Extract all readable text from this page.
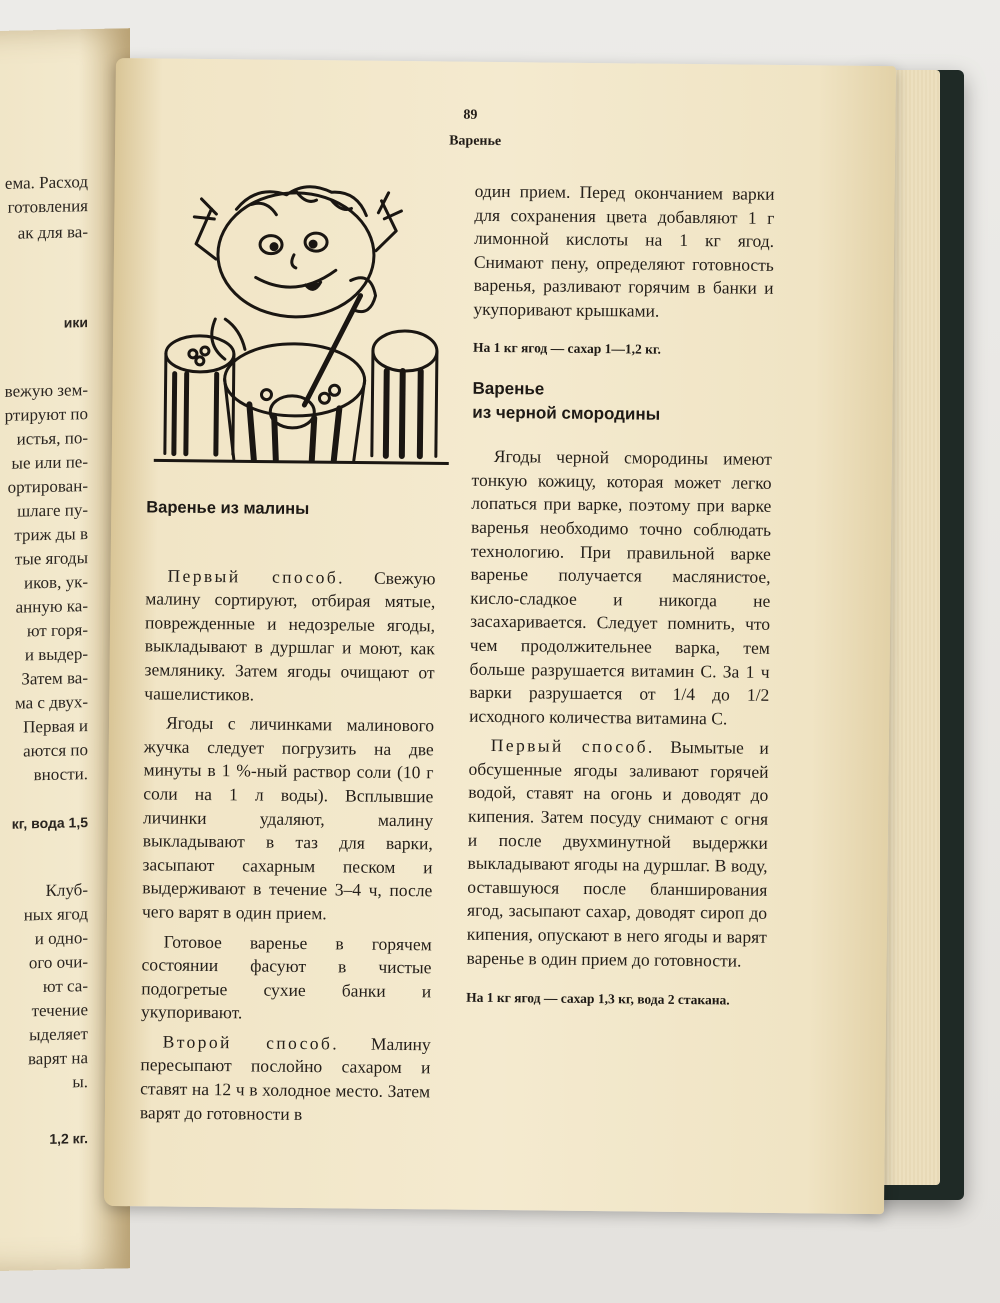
ема. Расход
готовления
ак для ва-
ики
вежую зем-
ртируют по
истья, по-
ые или пе-
ортирован-
шлаге пу-
триж ды в
тые ягоды
иков, ук-
анную ка-
ют горя-
и выдер-
Затем ва-
ма с двух-
Первая и
аются по
вности.
кг, вода 1,5
Клуб-
ных ягод
и одно-
ого очи-
ют са-
течение
ыделяет
варят на
ы.
1,2 кг.
89
Варенье
Варенье из малины

Первый способ. Свежую малину сортируют, отбирая мятые, поврежденные и недозрелые ягоды, выкладывают в дуршлаг и моют, как землянику. Затем ягоды очищают от чашелистиков.

Ягоды с личинками малинового жучка следует погрузить на две минуты в 1 %-ный раствор соли (10 г соли на 1 л воды). Всплывшие личинки удаляют, малину выкладывают в таз для варки, засыпают сахарным песком и выдерживают в течение 3–4 ч, после чего варят в один прием.

Готовое варенье в горячем состоянии фасуют в чистые подогретые сухие банки и укупоривают.

Второй способ. Малину пересыпают послойно сахаром и ставят на 12 ч в холодное место. Затем варят до готовности в

один прием. Перед окончанием варки для сохранения цвета добавляют 1 г лимонной кислоты на 1 кг ягод. Снимают пену, определяют готовность варенья, разливают горячим в банки и укупоривают крышками.

На 1 кг ягод — сахар 1—1,2 кг.
Варенье
из черной смородины

Ягоды черной смородины имеют тонкую кожицу, которая может легко лопаться при варке, поэтому при варке варенья необходимо точно соблюдать технологию. При правильной варке варенье получается маслянистое, кисло-сладкое и никогда не засахаривается. Следует помнить, что чем продолжительнее варка, тем больше разрушается витамин С. За 1 ч варки разрушается от 1/4 до 1/2 исходного количества витамина С.

Первый способ. Вымытые и обсушенные ягоды заливают горячей водой, ставят на огонь и доводят до кипения. Затем посуду снимают с огня и после двухминутной выдержки выкладывают ягоды на дуршлаг. В воду, оставшуюся после бланширования ягод, засыпают сахар, доводят сироп до кипения, опускают в него ягоды и варят варенье в один прием до готовности.

На 1 кг ягод — сахар 1,3 кг, вода 2 стакана.
